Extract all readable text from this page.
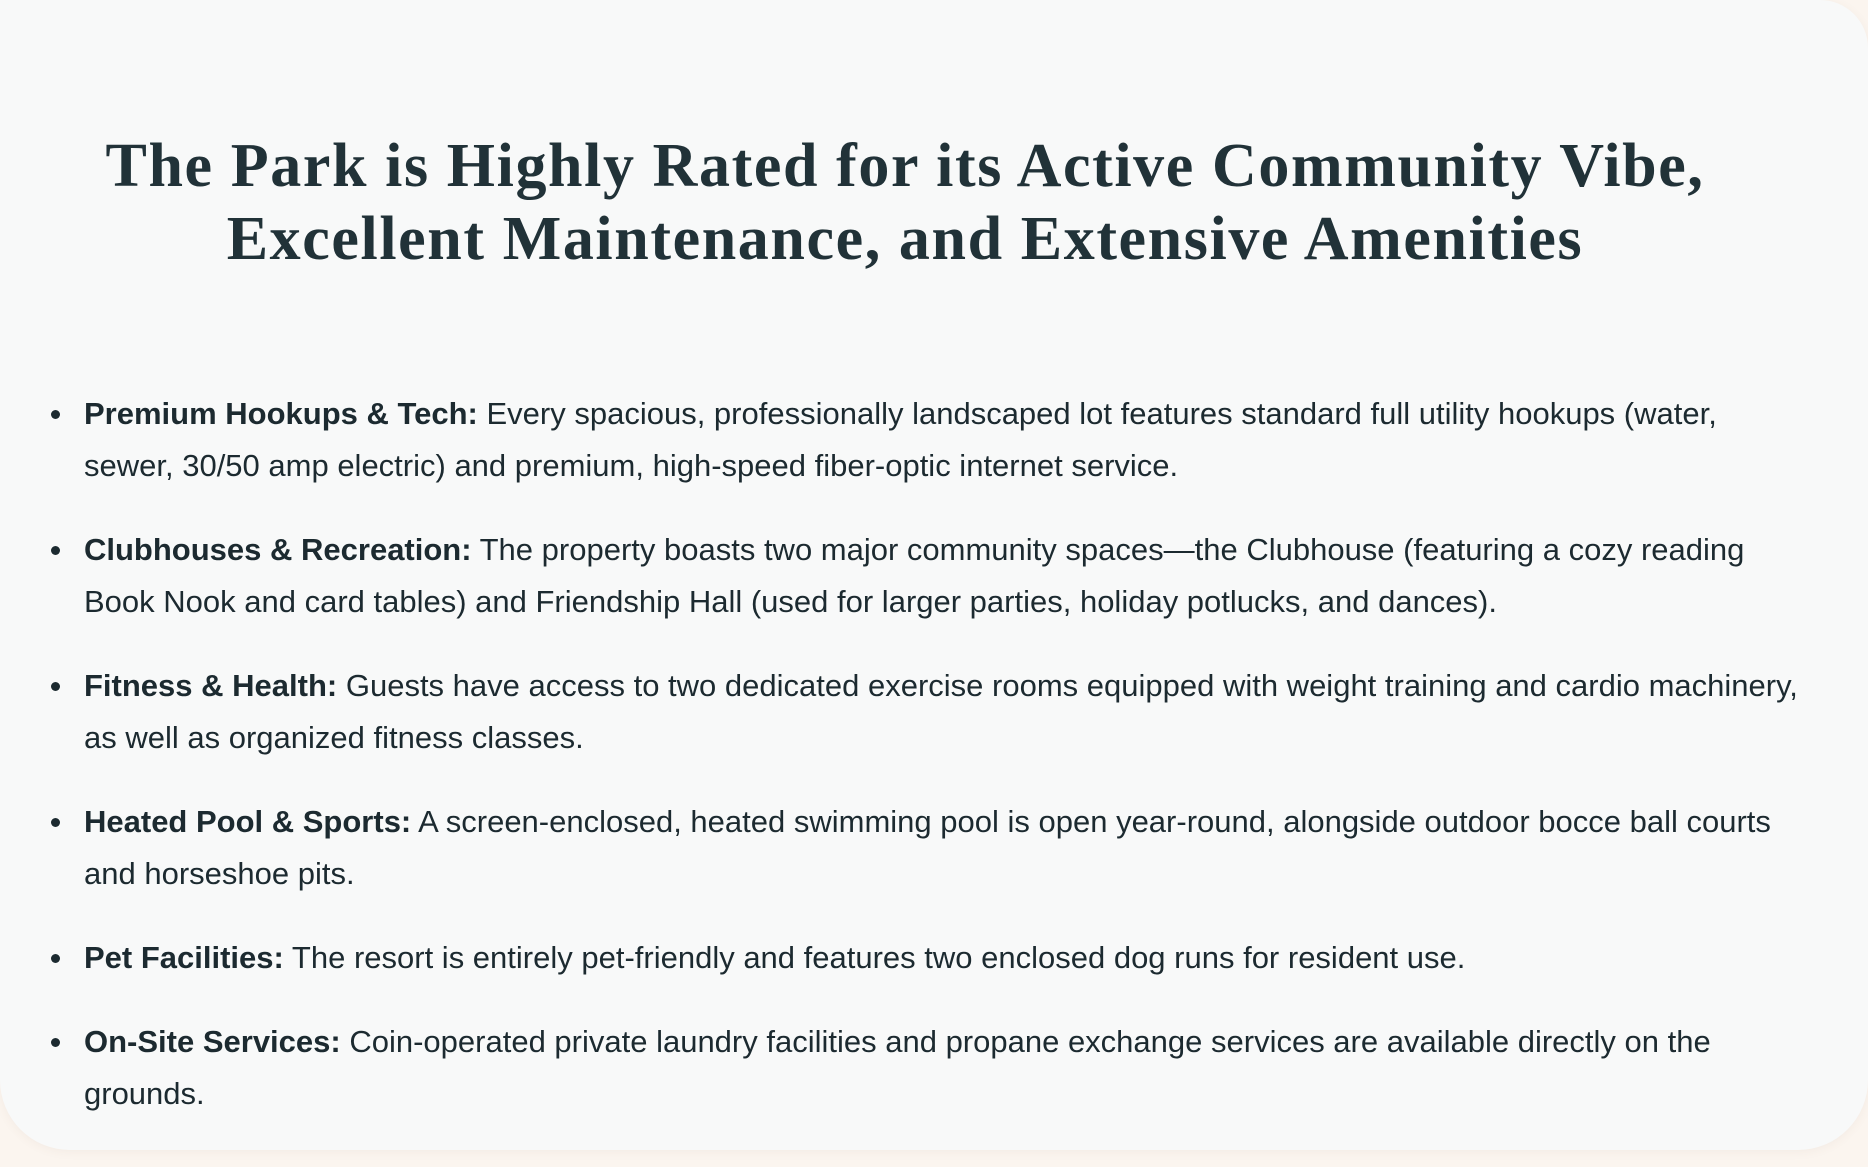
The Park is Highly Rated for its Active Community Vibe,
Excellent Maintenance, and Extensive Amenities
Premium Hookups & Tech: Every spacious, professionally landscaped lot features standard full utility hookups (water, sewer, 30/50 amp electric) and premium, high-speed fiber-optic internet service.
Clubhouses & Recreation: The property boasts two major community spaces—the Clubhouse (featuring a cozy reading Book Nook and card tables) and Friendship Hall (used for larger parties, holiday potlucks, and dances).
Fitness & Health: Guests have access to two dedicated exercise rooms equipped with weight training and cardio machinery, as well as organized fitness classes.
Heated Pool & Sports: A screen-enclosed, heated swimming pool is open year-round, alongside outdoor bocce ball courts and horseshoe pits.
Pet Facilities: The resort is entirely pet-friendly and features two enclosed dog runs for resident use.
On-Site Services: Coin-operated private laundry facilities and propane exchange services are available directly on the grounds.
